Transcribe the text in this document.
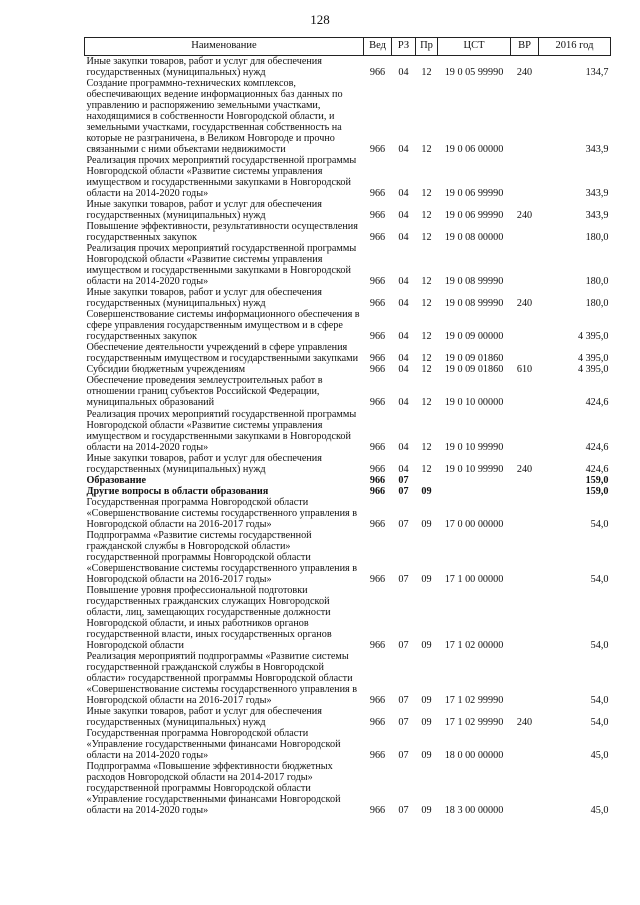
128
Наименование	Вед	РЗ	Пр	ЦСТ	ВР	2016 год
Иные закупки товаров, работ и услуг для обеспечения государственных (муниципальных) нужд	966	04	12	19 0 05 99990	240	134,7
Создание программно-технических комплексов, обеспечивающих ведение информационных баз данных по управлению и распоряжению земельными участками, находящимися в собственности Новгородской области, и земельными участками, государственная собственность на которые не разграничена, в Великом Новгороде и прочно связанными с ними объектами недвижимости	966	04	12	19 0 06 00000		343,9
Реализация прочих мероприятий государственной программы Новгородской области «Развитие системы управления имуществом и государственными закупками в Новгородской области на 2014-2020 годы»	966	04	12	19 0 06 99990		343,9
Иные закупки товаров, работ и услуг для обеспечения государственных (муниципальных) нужд	966	04	12	19 0 06 99990	240	343,9
Повышение эффективности, результативности осуществления государственных закупок	966	04	12	19 0 08 00000		180,0
Реализация прочих мероприятий государственной программы Новгородской области «Развитие системы управления имуществом и государственными закупками в Новгородской области на 2014-2020 годы»	966	04	12	19 0 08 99990		180,0
Иные закупки товаров, работ и услуг для обеспечения государственных (муниципальных) нужд	966	04	12	19 0 08 99990	240	180,0
Совершенствование системы информационного обеспечения в сфере управления государственным имуществом и в сфере государственных закупок	966	04	12	19 0 09 00000		4 395,0
Обеспечение деятельности учреждений в сфере управления государственным имуществом и государственными закупками	966	04	12	19 0 09 01860		4 395,0
Субсидии бюджетным учреждениям	966	04	12	19 0 09 01860	610	4 395,0
Обеспечение проведения землеустроительных работ в отношении границ субъектов Российской Федерации, муниципальных образований	966	04	12	19 0 10 00000		424,6
Реализация прочих мероприятий государственной программы Новгородской области «Развитие системы управления имуществом и государственными закупками в Новгородской области на 2014-2020 годы»	966	04	12	19 0 10 99990		424,6
Иные закупки товаров, работ и услуг для обеспечения государственных (муниципальных) нужд	966	04	12	19 0 10 99990	240	424,6
Образование	966	07				159,0
Другие вопросы в области образования	966	07	09			159,0
Государственная программа Новгородской области «Совершенствование системы государственного управления в Новгородской области на 2016-2017 годы»	966	07	09	17 0 00 00000		54,0
Подпрограмма «Развитие системы государственной гражданской службы в Новгородской области» государственной программы Новгородской области «Совершенствование системы государственного управления в Новгородской области на 2016-2017 годы»	966	07	09	17 1 00 00000		54,0
Повышение уровня профессиональной подготовки государственных гражданских служащих Новгородской области, лиц, замещающих государственные должности Новгородской области, и иных работников органов государственной власти, иных государственных органов Новгородской области	966	07	09	17 1 02 00000		54,0
Реализация мероприятий подпрограммы «Развитие системы государственной гражданской службы в Новгородской области» государственной программы Новгородской области «Совершенствование системы государственного управления в Новгородской области на 2016-2017 годы»	966	07	09	17 1 02 99990		54,0
Иные закупки товаров, работ и услуг для обеспечения государственных (муниципальных) нужд	966	07	09	17 1 02 99990	240	54,0
Государственная программа Новгородской области «Управление государственными финансами Новгородской области на 2014-2020 годы»	966	07	09	18 0 00 00000		45,0
Подпрограмма «Повышение эффективности бюджетных расходов Новгородской области на 2014-2017 годы» государственной программы Новгородской области «Управление государственными финансами Новгородской области на 2014-2020 годы»	966	07	09	18 3 00 00000		45,0
